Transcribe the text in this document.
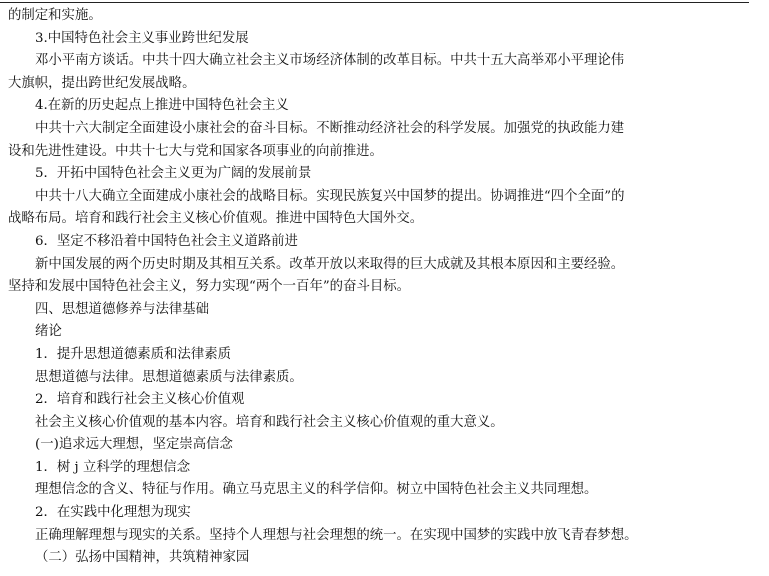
的制定和实施。
3.中国特色社会主义事业跨世纪发展
邓小平南方谈话。中共十四大确立社会主义市场经济体制的改革目标。中共十五大高举邓小平理论伟
大旗帜，提出跨世纪发展战略。
4.在新的历史起点上推进中国特色社会主义
中共十六大制定全面建设小康社会的奋斗目标。不断推动经济社会的科学发展。加强党的执政能力建
设和先进性建设。中共十七大与党和国家各项事业的向前推进。
5．开拓中国特色社会主义更为广阔的发展前景
中共十八大确立全面建成小康社会的战略目标。实现民族复兴中国梦的提出。协调推进“四个全面”的
战略布局。培育和践行社会主义核心价值观。推进中国特色大国外交。
6．坚定不移沿着中国特色社会主义道路前进
新中国发展的两个历史时期及其相互关系。改革开放以来取得的巨大成就及其根本原因和主要经验。
坚持和发展中国特色社会主义，努力实现“两个一百年”的奋斗目标。
四、思想道德修养与法律基础
绪论
1．提升思想道德素质和法律素质
思想道德与法律。思想道德素质与法律素质。
2．培育和践行社会主义核心价值观
社会主义核心价值观的基本内容。培育和践行社会主义核心价值观的重大意义。
(一)追求远大理想，坚定崇高信念
1．树 j 立科学的理想信念
理想信念的含义、特征与作用。确立马克思主义的科学信仰。树立中国特色社会主义共同理想。
2．在实践中化理想为现实
正确理解理想与现实的关系。坚持个人理想与社会理想的统一。在实现中国梦的实践中放飞青春梦想。
（二）弘扬中国精神，共筑精神家园
